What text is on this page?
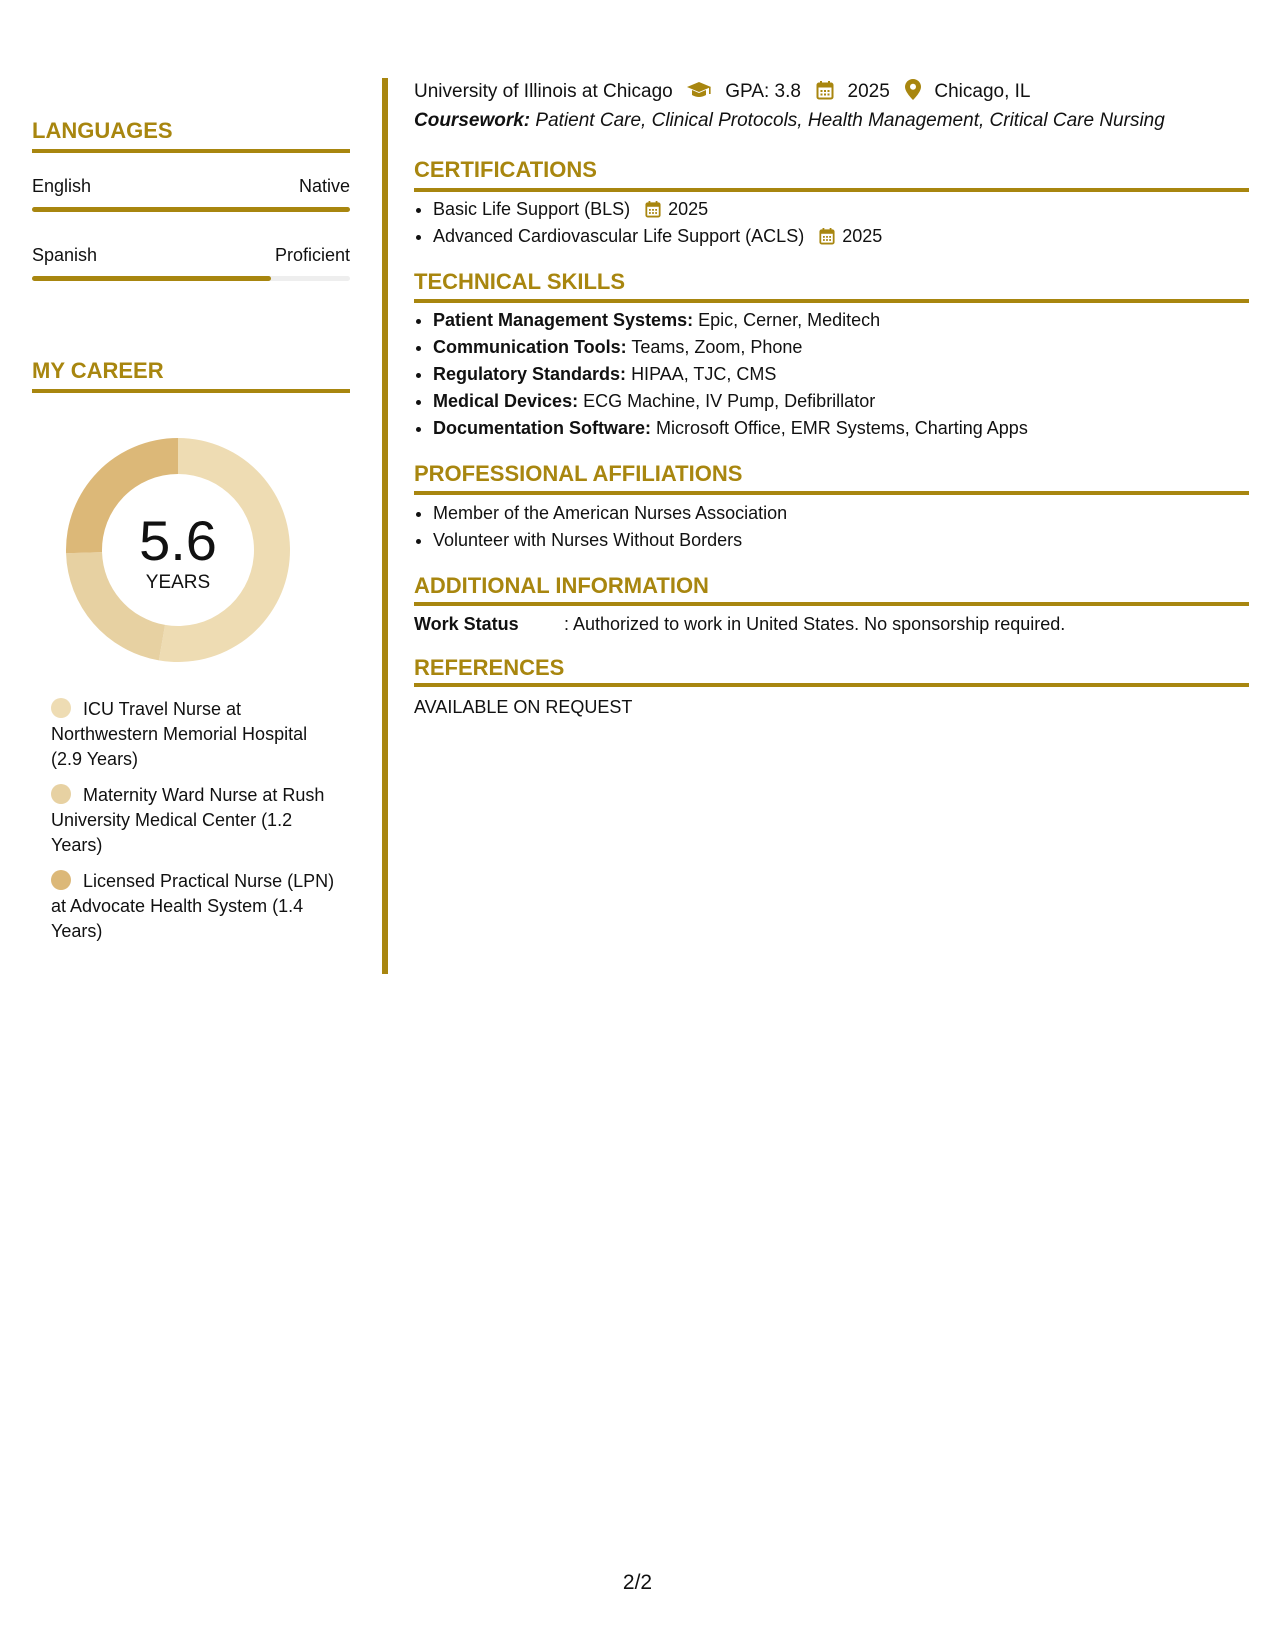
LANGUAGES
English	Native
Spanish	Proficient
MY CAREER
5.6
YEARS
ICU Travel Nurse at Northwestern Memorial Hospital (2.9 Years)
Maternity Ward Nurse at Rush University Medical Center (1.2 Years)
Licensed Practical Nurse (LPN) at Advocate Health System (1.4 Years)
University of Illinois at Chicago	GPA: 3.8 2025 Chicago, IL
Coursework: Patient Care, Clinical Protocols, Health Management, Critical Care Nursing
CERTIFICATIONS
• Basic Life Support (BLS) 2025
• Advanced Cardiovascular Life Support (ACLS) 2025
TECHNICAL SKILLS
• Patient Management Systems: Epic, Cerner, Meditech
• Communication Tools: Teams, Zoom, Phone
• Regulatory Standards: HIPAA, TJC, CMS
• Medical Devices: ECG Machine, IV Pump, Defibrillator
• Documentation Software: Microsoft Office, EMR Systems, Charting Apps
PROFESSIONAL AFFILIATIONS
• Member of the American Nurses Association
• Volunteer with Nurses Without Borders
ADDITIONAL INFORMATION
Work Status	: Authorized to work in United States. No sponsorship required.
REFERENCES
AVAILABLE ON REQUEST
2/2
